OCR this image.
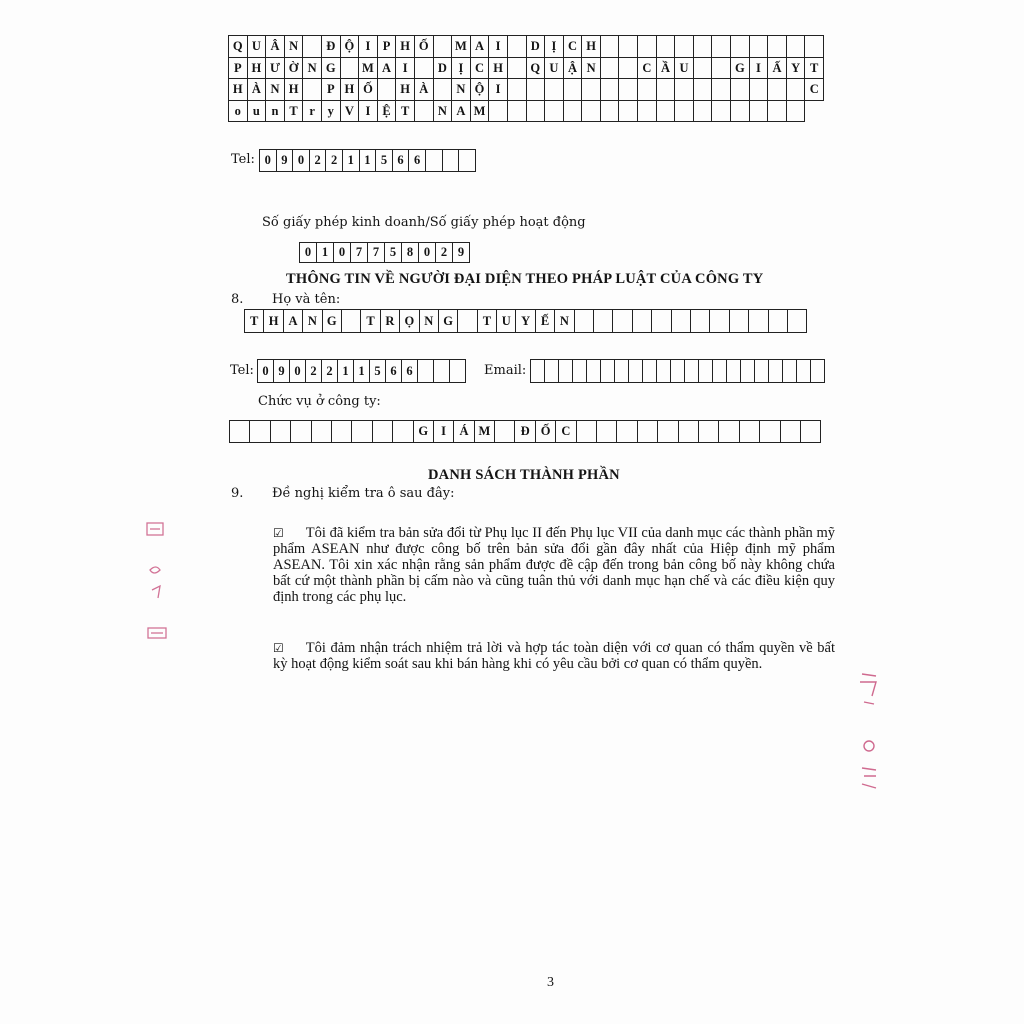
Q U Â N	Đ Ộ I P H Ố	M A I	D Ị C H
P H Ư Ờ N G	M A I	D Ị C H	Q U Ậ N	C Ầ U	G I Ấ Y T
H À N H	P H Ố	H À	N Ộ I	C
o u n T r	y V I Ệ T	N A M
Tel: 0 9 0 2 2 1 1 5 6 6
Số giấy phép kinh doanh/Số giấy phép hoạt động
0 1 0 7 7 5 8 0 2 9
THÔNG TIN VỀ NGƯỜI ĐẠI DIỆN THEO PHÁP LUẬT CỦA CÔNG TY
8. Họ và tên:
T H A N G	T R Ọ N G	T U Y Ế N
Tel: 0 9 0 2 2 1 1 5 6 6	Email:
Chức vụ ở công ty:
G	I	Á M	Đ Ố C
DANH SÁCH THÀNH PHẦN
9. Đề nghị kiểm tra ô sau đây:
☑ Tôi đã kiểm tra bản sửa đổi từ Phụ lục II đến Phụ lục VII của danh mục các thành phần mỹ phẩm ASEAN như được công bố trên bản sửa đổi gần đây nhất của Hiệp định mỹ phẩm ASEAN. Tôi xin xác nhận rằng sản phẩm được đề cập đến trong bản công bố này không chứa bất cứ một thành phần bị cấm nào và cũng tuân thủ với danh mục hạn chế và các điều kiện quy định trong các phụ lục.
☑ Tôi đảm nhận trách nhiệm trả lời và hợp tác toàn diện với cơ quan có thẩm quyền về bất kỳ hoạt động kiểm soát sau khi bán hàng khi có yêu cầu bởi cơ quan có thẩm quyền.
3
